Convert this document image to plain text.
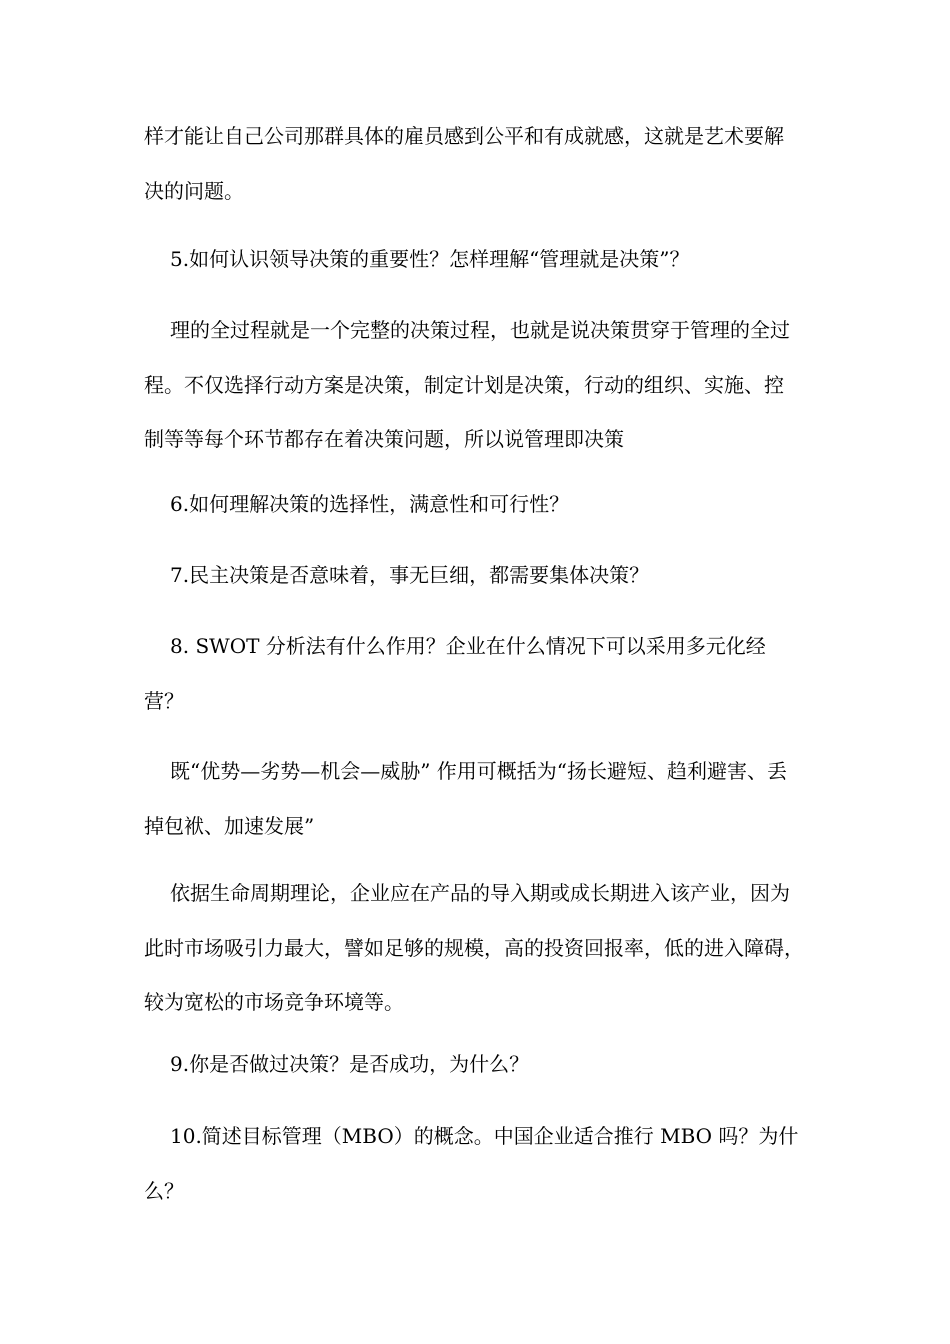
样才能让自己公司那群具体的雇员感到公平和有成就感，这就是艺术要解
决的问题。
5.如何认识领导决策的重要性？怎样理解“管理就是决策”？
理的全过程就是一个完整的决策过程，也就是说决策贯穿于管理的全过
程。不仅选择行动方案是决策，制定计划是决策，行动的组织、实施、控
制等等每个环节都存在着决策问题，所以说管理即决策
6.如何理解决策的选择性，满意性和可行性？
7.民主决策是否意味着，事无巨细，都需要集体决策？
8. SWOT 分析法有什么作用？企业在什么情况下可以采用多元化经
营？
既“优势—劣势—机会—威胁” 作用可概括为“扬长避短、趋利避害、丢
掉包袱、加速发展”
依据生命周期理论，企业应在产品的导入期或成长期进入该产业，因为
此时市场吸引力最大，譬如足够的规模，高的投资回报率，低的进入障碍，
较为宽松的市场竞争环境等。
9.你是否做过决策？是否成功，为什么？
10.简述目标管理（MBO）的概念。中国企业适合推行 MBO 吗？为什
么？
